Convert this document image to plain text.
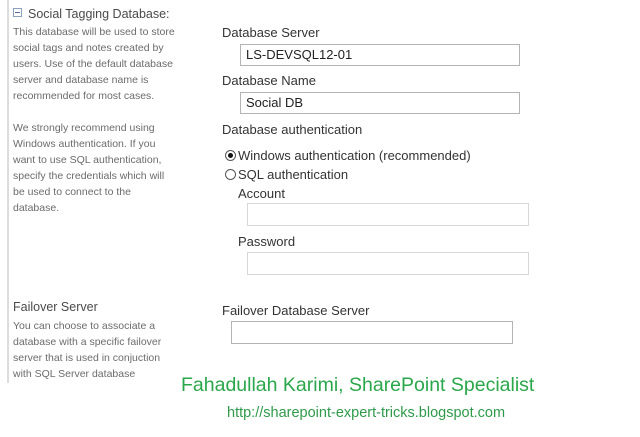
Social Tagging Database:
This database will be used to store
social tags and notes created by
users. Use of the default database
server and database name is
recommended for most cases.
We strongly recommend using
Windows authentication. If you
want to use SQL authentication,
specify the credentials which will
be used to connect to the
database.
Database Server
LS-DEVSQL12-01
Database Name
Social DB
Database authentication
Windows authentication (recommended)
SQL authentication
Account
Password
Failover Server
You can choose to associate a
database with a specific failover
server that is used in conjuction
with SQL Server database
Failover Database Server
Fahadullah Karimi, SharePoint Specialist
http://sharepoint-expert-tricks.blogspot.com
